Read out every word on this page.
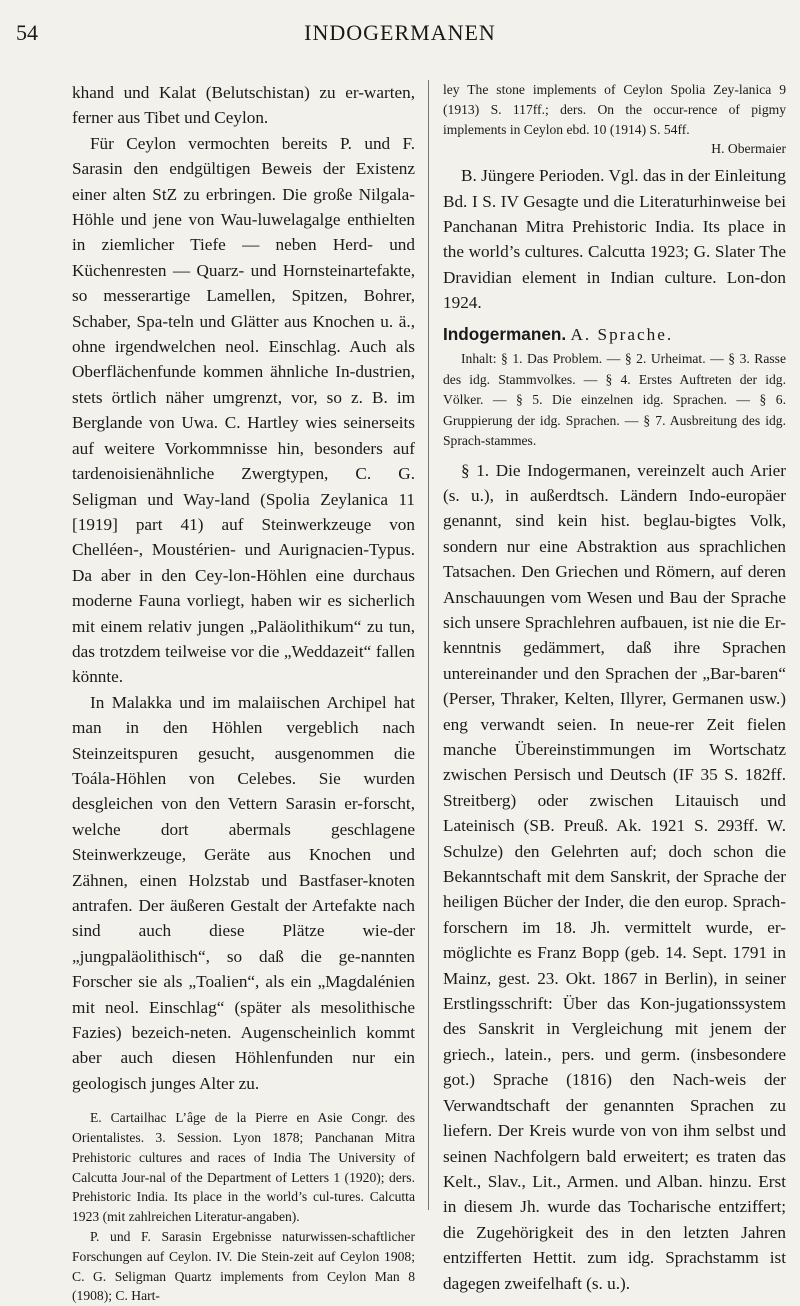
54	INDOGERMANEN

khand und Kalat (Belutschistan) zu er-warten, ferner aus Tibet und Ceylon.

Für Ceylon vermochten bereits P. und F. Sarasin den endgültigen Beweis der Existenz einer alten StZ zu erbringen. Die große Nilgala-Höhle und jene von Wau-luwelagalge enthielten in ziemlicher Tiefe — neben Herd- und Küchenresten — Quarz- und Hornsteinartefakte, so messerartige Lamellen, Spitzen, Bohrer, Schaber, Spa-teln und Glätter aus Knochen u. ä., ohne irgendwelchen neol. Einschlag. Auch als Oberflächenfunde kommen ähnliche In-dustrien, stets örtlich näher umgrenzt, vor, so z. B. im Berglande von Uwa. C. Hartley wies seinerseits auf weitere Vorkommnisse hin, besonders auf tardenoisienähnliche Zwergtypen, C. G. Seligman und Way-land (Spolia Zeylanica 11 [1919] part 41) auf Steinwerkzeuge von Chelléen-, Moustérien- und Aurignacien-Typus. Da aber in den Cey-lon-Höhlen eine durchaus moderne Fauna vorliegt, haben wir es sicherlich mit einem relativ jungen „Paläolithikum“ zu tun, das trotzdem teilweise vor die „Weddazeit“ fallen könnte.

In Malakka und im malaiischen Archipel hat man in den Höhlen vergeblich nach Steinzeitspuren gesucht, ausgenommen die Toála-Höhlen von Celebes. Sie wurden desgleichen von den Vettern Sarasin er-forscht, welche dort abermals geschlagene Steinwerkzeuge, Geräte aus Knochen und Zähnen, einen Holzstab und Bastfaser-knoten antrafen. Der äußeren Gestalt der Artefakte nach sind auch diese Plätze wie-der „jungpaläolithisch“, so daß die ge-nannten Forscher sie als „Toalien“, als ein „Magdalénien mit neol. Einschlag“ (später als mesolithische Fazies) bezeich-neten. Augenscheinlich kommt aber auch diesen Höhlenfunden nur ein geologisch junges Alter zu.

E. Cartailhac L’âge de la Pierre en Asie Congr. des Orientalistes. 3. Session. Lyon 1878; Panchanan Mitra Prehistoric cultures and races of India The University of Calcutta Jour-nal of the Department of Letters 1 (1920); ders. Prehistoric India. Its place in the world’s cul-tures. Calcutta 1923 (mit zahlreichen Literatur-angaben).

P. und F. Sarasin Ergebnisse naturwissen-schaftlicher Forschungen auf Ceylon. IV. Die Stein-zeit auf Ceylon 1908; C. G. Seligman Quartz implements from Ceylon Man 8 (1908); C. Hart-

ley The stone implements of Ceylon Spolia Zey-lanica 9 (1913) S. 117ff.; ders. On the occur-rence of pigmy implements in Ceylon ebd. 10 (1914) S. 54ff.

H. Obermaier

B. Jüngere Perioden. Vgl. das in der Einleitung Bd. I S. IV Gesagte und die Literaturhinweise bei Panchanan Mitra Prehistoric India. Its place in the world’s cultures. Calcutta 1923; G. Slater The Dravidian element in Indian culture. Lon-don 1924.

Indogermanen. A. Sprache.

Inhalt: § 1. Das Problem. — § 2. Urheimat. — § 3. Rasse des idg. Stammvolkes. — § 4. Erstes Auftreten der idg. Völker. — § 5. Die einzelnen idg. Sprachen. — § 6. Gruppierung der idg. Sprachen. — § 7. Ausbreitung des idg. Sprach-stammes.

§ 1. Die Indogermanen, vereinzelt auch Arier (s. u.), in außerdtsch. Ländern Indo-europäer genannt, sind kein hist. beglau-bigtes Volk, sondern nur eine Abstraktion aus sprachlichen Tatsachen. Den Griechen und Römern, auf deren Anschauungen vom Wesen und Bau der Sprache sich unsere Sprachlehren aufbauen, ist nie die Er-kenntnis gedämmert, daß ihre Sprachen untereinander und den Sprachen der „Bar-baren“ (Perser, Thraker, Kelten, Illyrer, Germanen usw.) eng verwandt seien. In neue-rer Zeit fielen manche Übereinstimmungen im Wortschatz zwischen Persisch und Deutsch (IF 35 S. 182ff. Streitberg) oder zwischen Litauisch und Lateinisch (SB. Preuß. Ak. 1921 S. 293ff. W. Schulze) den Gelehrten auf; doch schon die Bekanntschaft mit dem Sanskrit, der Sprache der heiligen Bücher der Inder, die den europ. Sprach-forschern im 18. Jh. vermittelt wurde, er-möglichte es Franz Bopp (geb. 14. Sept. 1791 in Mainz, gest. 23. Okt. 1867 in Berlin), in seiner Erstlingsschrift: Über das Kon-jugationssystem des Sanskrit in Vergleichung mit jenem der griech., latein., pers. und germ. (insbesondere got.) Sprache (1816) den Nach-weis der Verwandtschaft der genannten Sprachen zu liefern. Der Kreis wurde von von ihm selbst und seinen Nachfolgern bald erweitert; es traten das Kelt., Slav., Lit., Armen. und Alban. hinzu. Erst in diesem Jh. wurde das Tocharische entziffert; die Zugehörigkeit des in den letzten Jahren entzifferten Hettit. zum idg. Sprachstamm ist dagegen zweifelhaft (s. u.).
